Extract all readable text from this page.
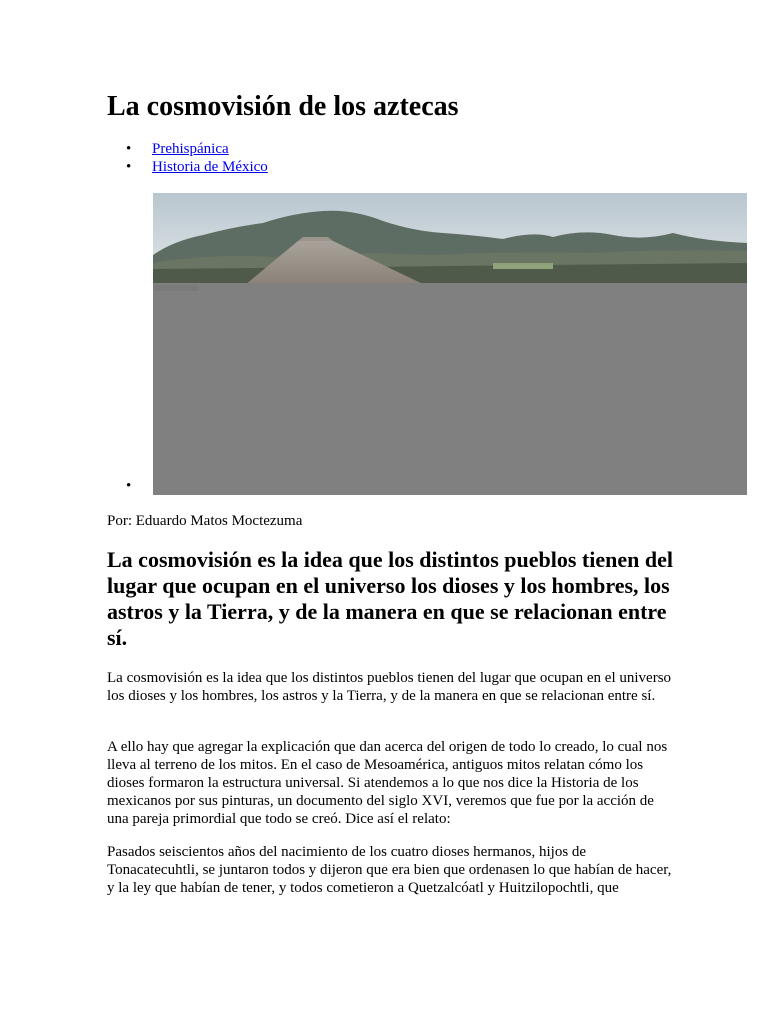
La cosmovisión de los aztecas
• Prehispánica
• Historia de México
•
Por: Eduardo Matos Moctezuma
La cosmovisión es la idea que los distintos pueblos tienen del lugar que ocupan en el universo los dioses y los hombres, los astros y la Tierra, y de la manera en que se relacionan entre sí.

La cosmovisión es la idea que los distintos pueblos tienen del lugar que ocupan en el universo los dioses y los hombres, los astros y la Tierra, y de la manera en que se relacionan entre sí.

A ello hay que agregar la explicación que dan acerca del origen de todo lo creado, lo cual nos lleva al terreno de los mitos. En el caso de Mesoamérica, antiguos mitos relatan cómo los dioses formaron la estructura universal. Si atendemos a lo que nos dice la Historia de los mexicanos por sus pinturas, un documento del siglo XVI, veremos que fue por la acción de una pareja primordial que todo se creó. Dice así el relato:

Pasados seiscientos años del nacimiento de los cuatro dioses hermanos, hijos de Tonacatecuhtli, se juntaron todos y dijeron que era bien que ordenasen lo que habían de hacer, y la ley que habían de tener, y todos cometieron a Quetzalcóatl y Huitzilopochtli, que
